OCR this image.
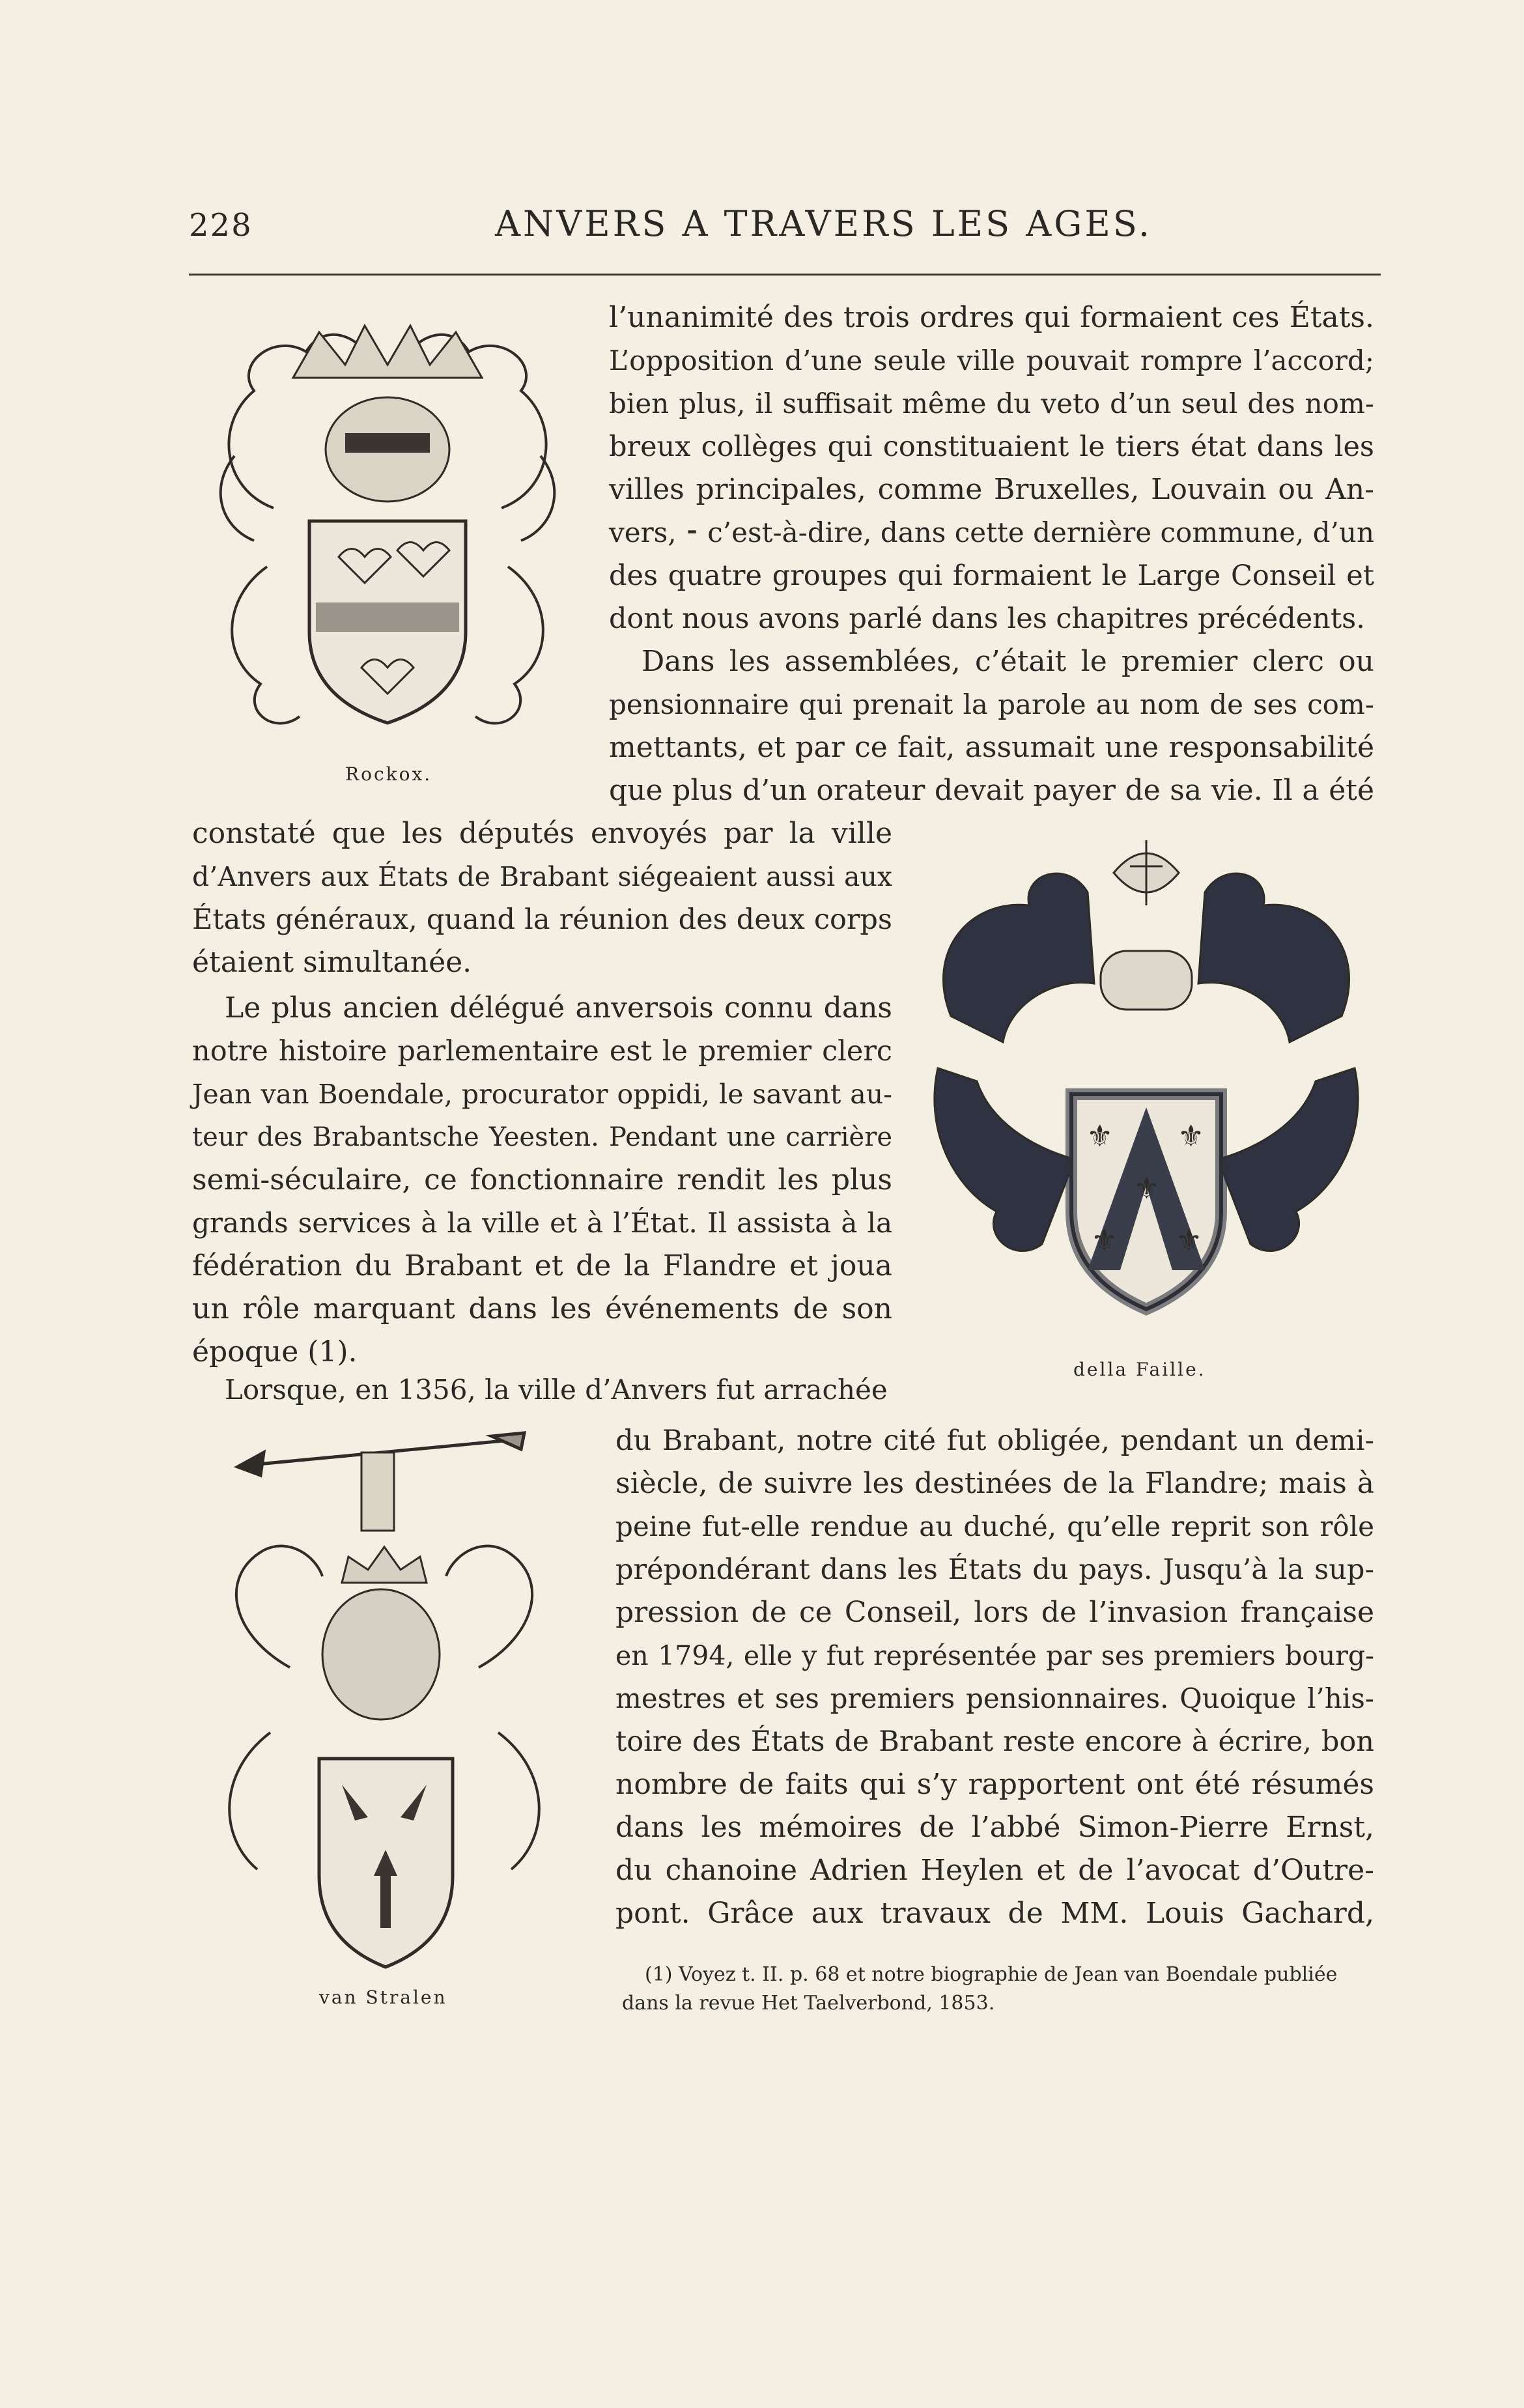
228	ANVERS A TRAVERS LES AGES.
Rockox.
⚜ ⚜
⚜
⚜ ⚜
della Faille.
van Stralen
l’unanimité des trois ordres qui formaient ces États.
L’opposition d’une seule ville pouvait rompre l’accord;
bien plus, il suffisait même du veto d’un seul des nom-
breux collèges qui constituaient le tiers état dans les
villes principales, comme Bruxelles, Louvain ou An-
vers, ⁃ c’est-à-dire, dans cette dernière commune, d’un
des quatre groupes qui formaient le Large Conseil et
dont nous avons parlé dans les chapitres précédents.
Dans les assemblées, c’était le premier clerc ou
pensionnaire qui prenait la parole au nom de ses com-
mettants, et par ce fait, assumait une responsabilité
que plus d’un orateur devait payer de sa vie. Il a été
constaté que les députés envoyés par la ville
d’Anvers aux États de Brabant siégeaient aussi aux
États généraux, quand la réunion des deux corps
étaient simultanée.
Le plus ancien délégué anversois connu dans
notre histoire parlementaire est le premier clerc
Jean van Boendale, procurator oppidi, le savant au-
teur des Brabantsche Yeesten. Pendant une carrière
semi-séculaire, ce fonctionnaire rendit les plus
grands services à la ville et à l’État. Il assista à la
fédération du Brabant et de la Flandre et joua
un rôle marquant dans les événements de son
époque (1).
Lorsque, en 1356, la ville d’Anvers fut arrachée
du Brabant, notre cité fut obligée, pendant un demi-
siècle, de suivre les destinées de la Flandre; mais à
peine fut-elle rendue au duché, qu’elle reprit son rôle
prépondérant dans les États du pays. Jusqu’à la sup-
pression de ce Conseil, lors de l’invasion française
en 1794, elle y fut représentée par ses premiers bourg-
mestres et ses premiers pensionnaires. Quoique l’his-
toire des États de Brabant reste encore à écrire, bon
nombre de faits qui s’y rapportent ont été résumés
dans les mémoires de l’abbé Simon-Pierre Ernst,
du chanoine Adrien Heylen et de l’avocat d’Outre-
pont. Grâce aux travaux de MM. Louis Gachard,
(1) Voyez t. II. p. 68 et notre biographie de Jean van Boendale publiée
dans la revue Het Taelverbond, 1853.
